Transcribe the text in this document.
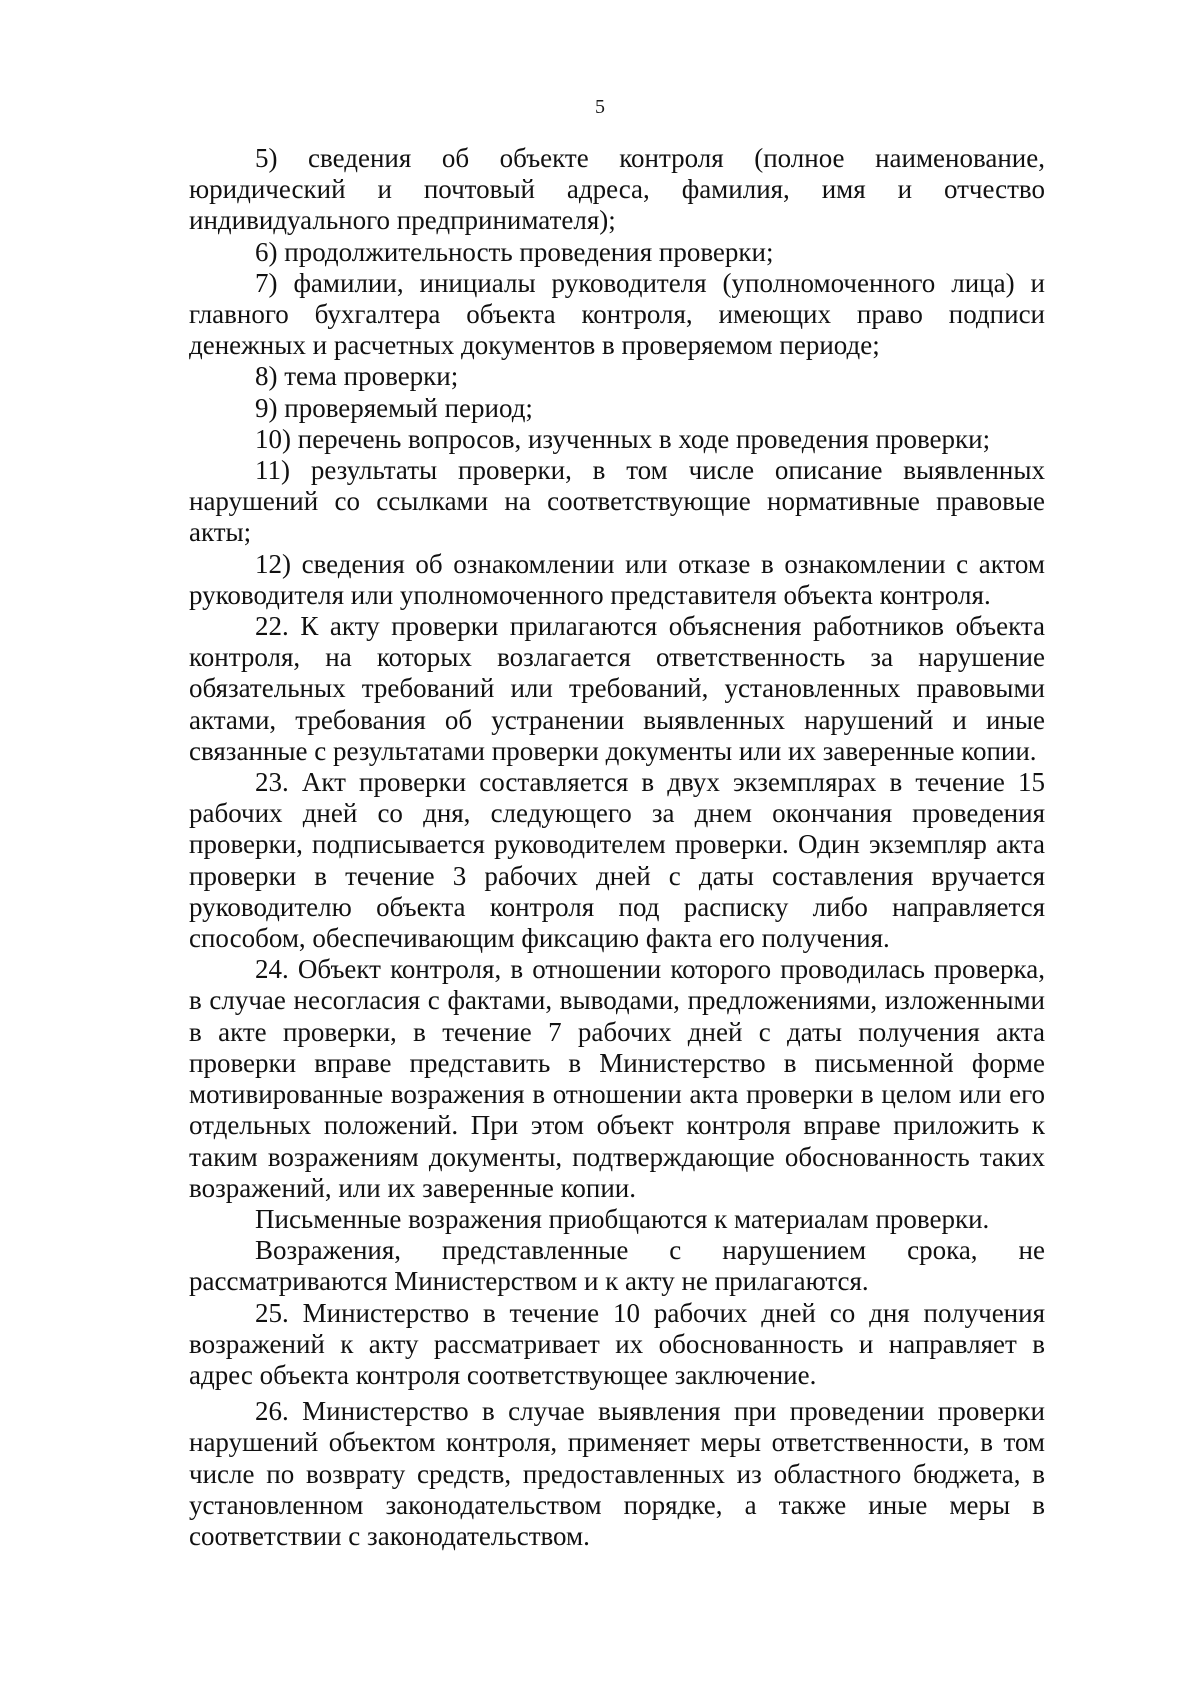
5

5) сведения об объекте контроля (полное наименование, юридический и почтовый адреса, фамилия, имя и отчество индивидуального предпринимателя);

6) продолжительность проведения проверки;

7) фамилии, инициалы руководителя (уполномоченного лица) и главного бухгалтера объекта контроля, имеющих право подписи денежных и расчетных документов в проверяемом периоде;

8) тема проверки;

9) проверяемый период;

10) перечень вопросов, изученных в ходе проведения проверки;

11) результаты проверки, в том числе описание выявленных нарушений со ссылками на соответствующие нормативные правовые акты;

12) сведения об ознакомлении или отказе в ознакомлении с актом руководителя или уполномоченного представителя объекта контроля.

22. К акту проверки прилагаются объяснения работников объекта контроля, на которых возлагается ответственность за нарушение обязательных требований или требований, установленных правовыми актами, требования об устранении выявленных нарушений и иные связанные с результатами проверки документы или их заверенные копии.

23. Акт проверки составляется в двух экземплярах в течение 15 рабочих дней со дня, следующего за днем окончания проведения проверки, подписывается руководителем проверки. Один экземпляр акта проверки в течение 3 рабочих дней с даты составления вручается руководителю объекта контроля под расписку либо направляется способом, обеспечивающим фиксацию факта его получения.

24. Объект контроля, в отношении которого проводилась проверка, в случае несогласия с фактами, выводами, предложениями, изложенными в акте проверки, в течение 7 рабочих дней с даты получения акта проверки вправе представить в Министерство в письменной форме мотивированные возражения в отношении акта проверки в целом или его отдельных положений. При этом объект контроля вправе приложить к таким возражениям документы, подтверждающие обоснованность таких возражений, или их заверенные копии.

Письменные возражения приобщаются к материалам проверки.

Возражения, представленные с нарушением срока, не рассматриваются Министерством и к акту не прилагаются.

25. Министерство в течение 10 рабочих дней со дня получения возражений к акту рассматривает их обоснованность и направляет в адрес объекта контроля соответствующее заключение.

26. Министерство в случае выявления при проведении проверки нарушений объектом контроля, применяет меры ответственности, в том числе по возврату средств, предоставленных из областного бюджета, в установленном законодательством порядке, а также иные меры в соответствии с законодательством.
